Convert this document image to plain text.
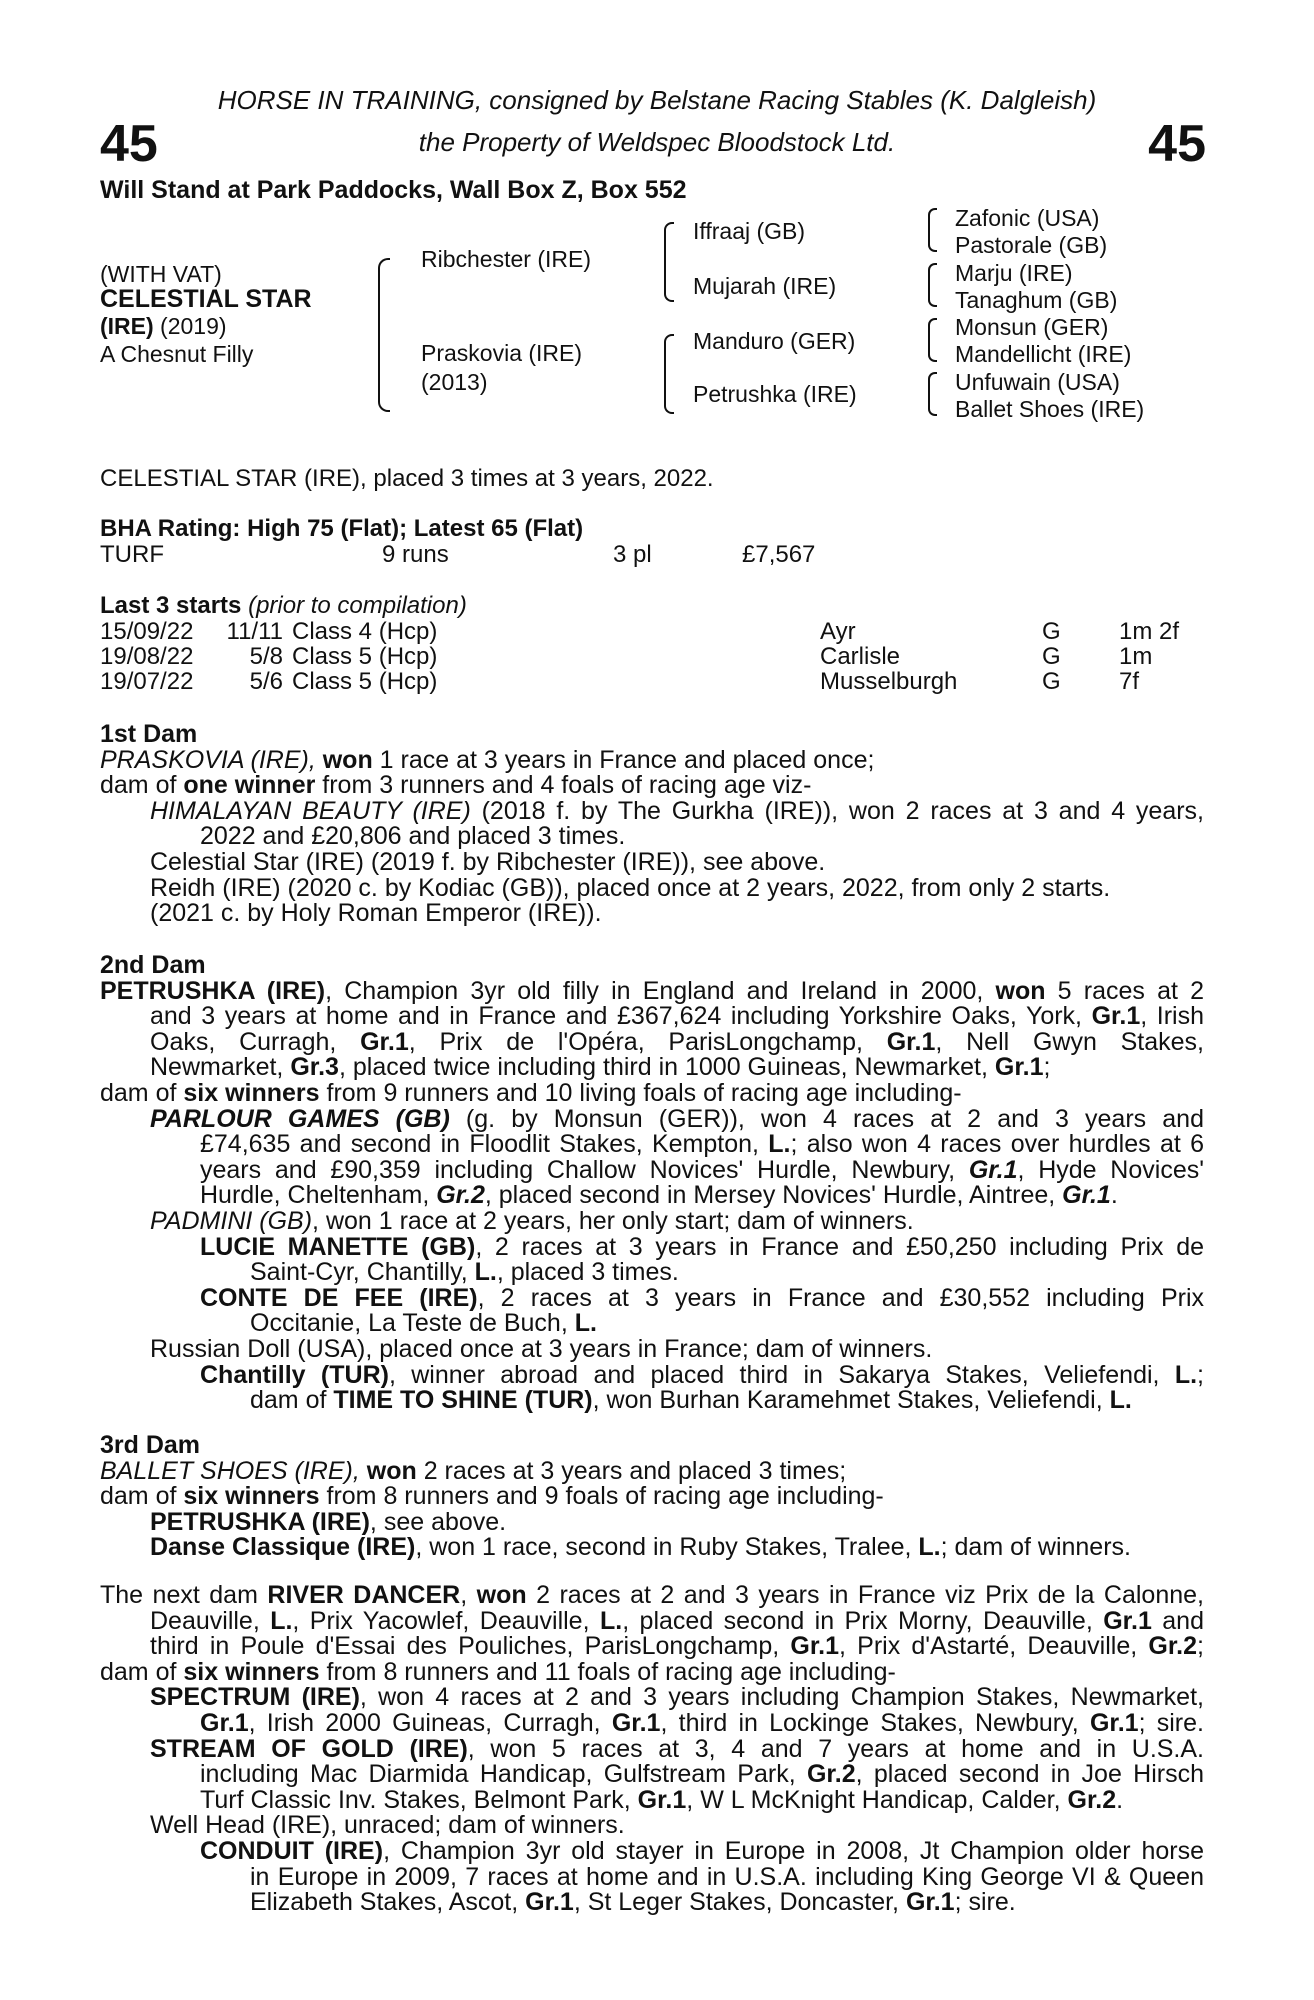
45	45
HORSE IN TRAINING, consigned by Belstane Racing Stables (K. Dalgleish)
the Property of Weldspec Bloodstock Ltd.
Will Stand at Park Paddocks, Wall Box Z, Box 552
(WITH VAT)
CELESTIAL STAR
(IRE) (2019)
A Chesnut Filly
Ribchester (IRE)
Praskovia (IRE)
(2013)
Iffraaj (GB)
Mujarah (IRE)
Manduro (GER)
Petrushka (IRE)
Zafonic (USA)
Pastorale (GB)
Marju (IRE)
Tanaghum (GB)
Monsun (GER)
Mandellicht (IRE)
Unfuwain (USA)
Ballet Shoes (IRE)
CELESTIAL STAR (IRE), placed 3 times at 3 years, 2022.
BHA Rating: High 75 (Flat); Latest 65 (Flat)
TURF	9 runs	3 pl	£7,567
Last 3 starts (prior to compilation)
15/09/22	11/11 Class 4 (Hcp)	Ayr	G 1m 2f
19/08/22	5/8 Class 5 (Hcp)	Carlisle	G 1m
19/07/22	5/6 Class 5 (Hcp)	Musselburgh	G 7f
1st Dam
PRASKOVIA (IRE), won 1 race at 3 years in France and placed once;
dam of one winner from 3 runners and 4 foals of racing age viz-
HIMALAYAN BEAUTY (IRE) (2018 f. by The Gurkha (IRE)), won 2 races at 3 and 4 years,
2022 and £20,806 and placed 3 times.
Celestial Star (IRE) (2019 f. by Ribchester (IRE)), see above.
Reidh (IRE) (2020 c. by Kodiac (GB)), placed once at 2 years, 2022, from only 2 starts.
(2021 c. by Holy Roman Emperor (IRE)).
2nd Dam
PETRUSHKA (IRE), Champion 3yr old filly in England and Ireland in 2000, won 5 races at 2
and 3 years at home and in France and £367,624 including Yorkshire Oaks, York, Gr.1, Irish
Oaks, Curragh, Gr.1, Prix de l'Opéra, ParisLongchamp, Gr.1, Nell Gwyn Stakes,
Newmarket, Gr.3, placed twice including third in 1000 Guineas, Newmarket, Gr.1;
dam of six winners from 9 runners and 10 living foals of racing age including-
PARLOUR GAMES (GB) (g. by Monsun (GER)), won 4 races at 2 and 3 years and
£74,635 and second in Floodlit Stakes, Kempton, L.; also won 4 races over hurdles at 6
years and £90,359 including Challow Novices' Hurdle, Newbury, Gr.1, Hyde Novices'
Hurdle, Cheltenham, Gr.2, placed second in Mersey Novices' Hurdle, Aintree, Gr.1.
PADMINI (GB), won 1 race at 2 years, her only start; dam of winners.
LUCIE MANETTE (GB), 2 races at 3 years in France and £50,250 including Prix de
Saint-Cyr, Chantilly, L., placed 3 times.
CONTE DE FEE (IRE), 2 races at 3 years in France and £30,552 including Prix
Occitanie, La Teste de Buch, L.
Russian Doll (USA), placed once at 3 years in France; dam of winners.
Chantilly (TUR), winner abroad and placed third in Sakarya Stakes, Veliefendi, L.;
dam of TIME TO SHINE (TUR), won Burhan Karamehmet Stakes, Veliefendi, L.
3rd Dam
BALLET SHOES (IRE), won 2 races at 3 years and placed 3 times;
dam of six winners from 8 runners and 9 foals of racing age including-
PETRUSHKA (IRE), see above.
Danse Classique (IRE), won 1 race, second in Ruby Stakes, Tralee, L.; dam of winners.
The next dam RIVER DANCER, won 2 races at 2 and 3 years in France viz Prix de la Calonne,
Deauville, L., Prix Yacowlef, Deauville, L., placed second in Prix Morny, Deauville, Gr.1 and
third in Poule d'Essai des Pouliches, ParisLongchamp, Gr.1, Prix d'Astarté, Deauville, Gr.2;
dam of six winners from 8 runners and 11 foals of racing age including-
SPECTRUM (IRE), won 4 races at 2 and 3 years including Champion Stakes, Newmarket,
Gr.1, Irish 2000 Guineas, Curragh, Gr.1, third in Lockinge Stakes, Newbury, Gr.1; sire.
STREAM OF GOLD (IRE), won 5 races at 3, 4 and 7 years at home and in U.S.A.
including Mac Diarmida Handicap, Gulfstream Park, Gr.2, placed second in Joe Hirsch
Turf Classic Inv. Stakes, Belmont Park, Gr.1, W L McKnight Handicap, Calder, Gr.2.
Well Head (IRE), unraced; dam of winners.
CONDUIT (IRE), Champion 3yr old stayer in Europe in 2008, Jt Champion older horse
in Europe in 2009, 7 races at home and in U.S.A. including King George VI & Queen
Elizabeth Stakes, Ascot, Gr.1, St Leger Stakes, Doncaster, Gr.1; sire.
